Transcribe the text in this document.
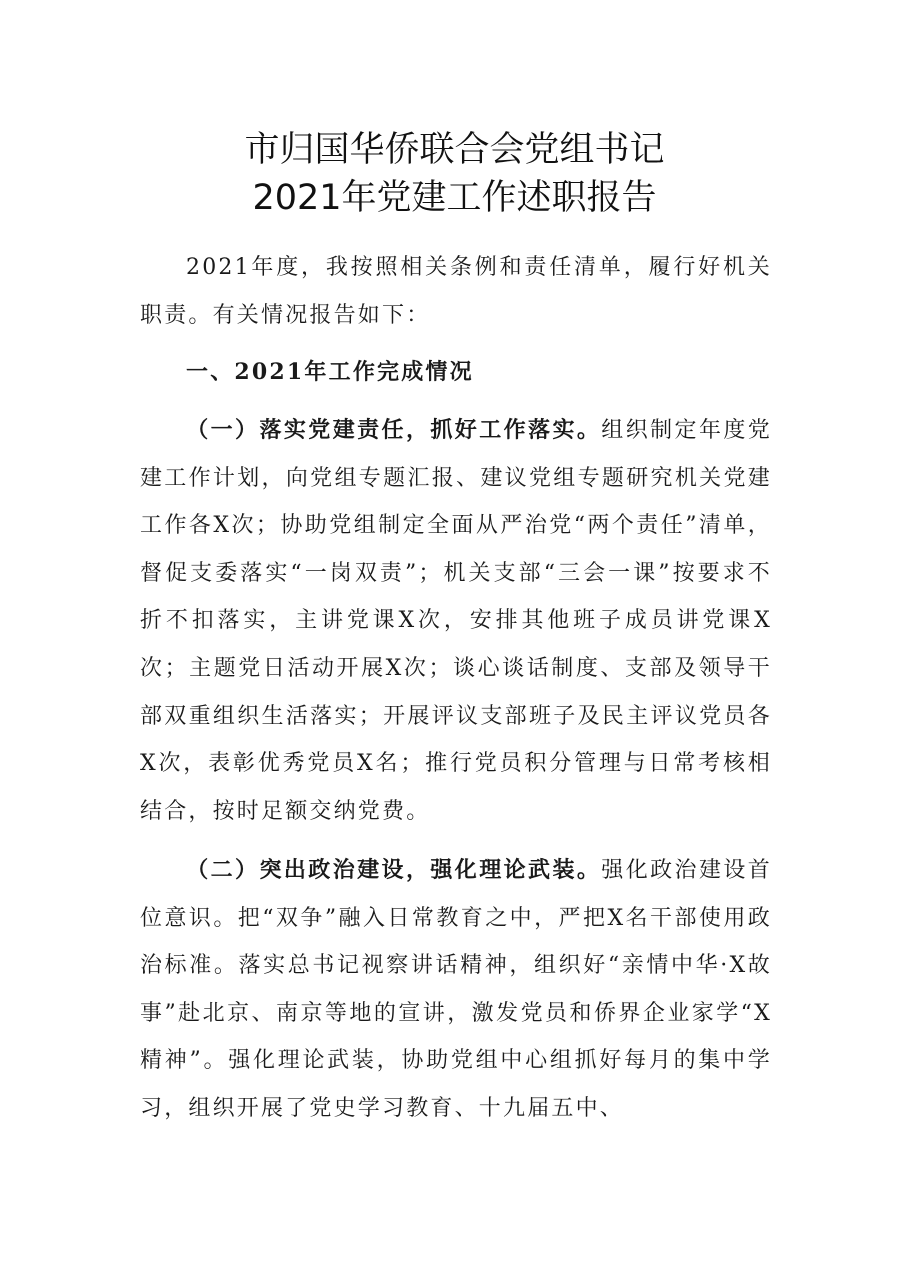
市归国华侨联合会党组书记
2021年党建工作述职报告

2021年度，我按照相关条例和责任清单，履行好机关职责。有关情况报告如下：

一、2021年工作完成情况

（一）落实党建责任，抓好工作落实。组织制定年度党建工作计划，向党组专题汇报、建议党组专题研究机关党建工作各X次；协助党组制定全面从严治党“两个责任”清单，督促支委落实“一岗双责”；机关支部“三会一课”按要求不折不扣落实，主讲党课X次，安排其他班子成员讲党课X次；主题党日活动开展X次；谈心谈话制度、支部及领导干部双重组织生活落实；开展评议支部班子及民主评议党员各X次，表彰优秀党员X名；推行党员积分管理与日常考核相结合，按时足额交纳党费。

（二）突出政治建设，强化理论武装。强化政治建设首位意识。把“双争”融入日常教育之中，严把X名干部使用政治标准。落实总书记视察讲话精神，组织好“亲情中华·X故事”赴北京、南京等地的宣讲，激发党员和侨界企业家学“X精神”。强化理论武装，协助党组中心组抓好每月的集中学习，组织开展了党史学习教育、十九届五中、
